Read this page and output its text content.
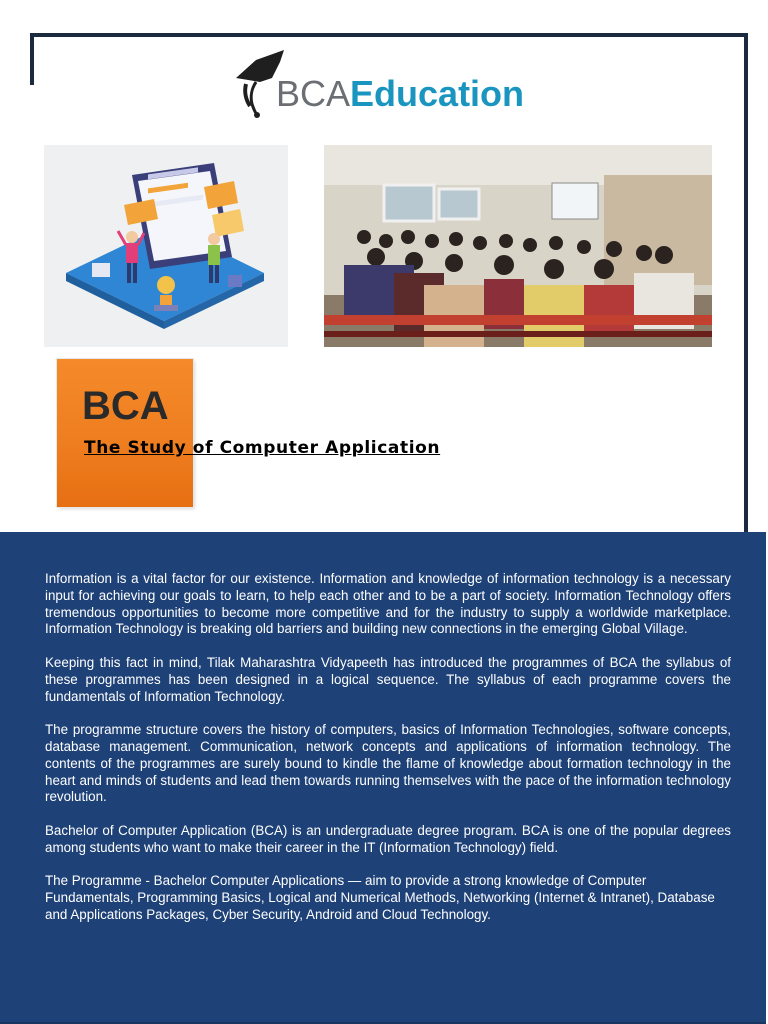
BCAEducation
BCA
The Study of Computer Application

Information is a vital factor for our existence. Information and knowledge of information technology is a necessary input for achieving our goals to learn, to help each other and to be a part of society. Information Technology offers tremendous opportunities to become more competitive and for the industry to supply a worldwide marketplace. Information Technology is breaking old barriers and building new connections in the emerging Global Village.

Keeping this fact in mind, Tilak Maharashtra Vidyapeeth has introduced the programmes of BCA the syllabus of these programmes has been designed in a logical sequence. The syllabus of each programme covers the fundamentals of Information Technology.

The programme structure covers the history of computers, basics of Information Technologies, software concepts, database management. Communication, network concepts and applications of information technology. The contents of the programmes are surely bound to kindle the flame of knowledge about formation technology in the heart and minds of students and lead them towards running themselves with the pace of the information technology revolution.

Bachelor of Computer Application (BCA) is an undergraduate degree program. BCA is one of the popular degrees among students who want to make their career in the IT (Information Technology) field.

The Programme - Bachelor Computer Applications — aim to provide a strong knowledge of Computer Fundamentals, Programming Basics, Logical and Numerical Methods, Networking (Internet & Intranet), Database and Applications Packages, Cyber Security, Android and Cloud Technology.
